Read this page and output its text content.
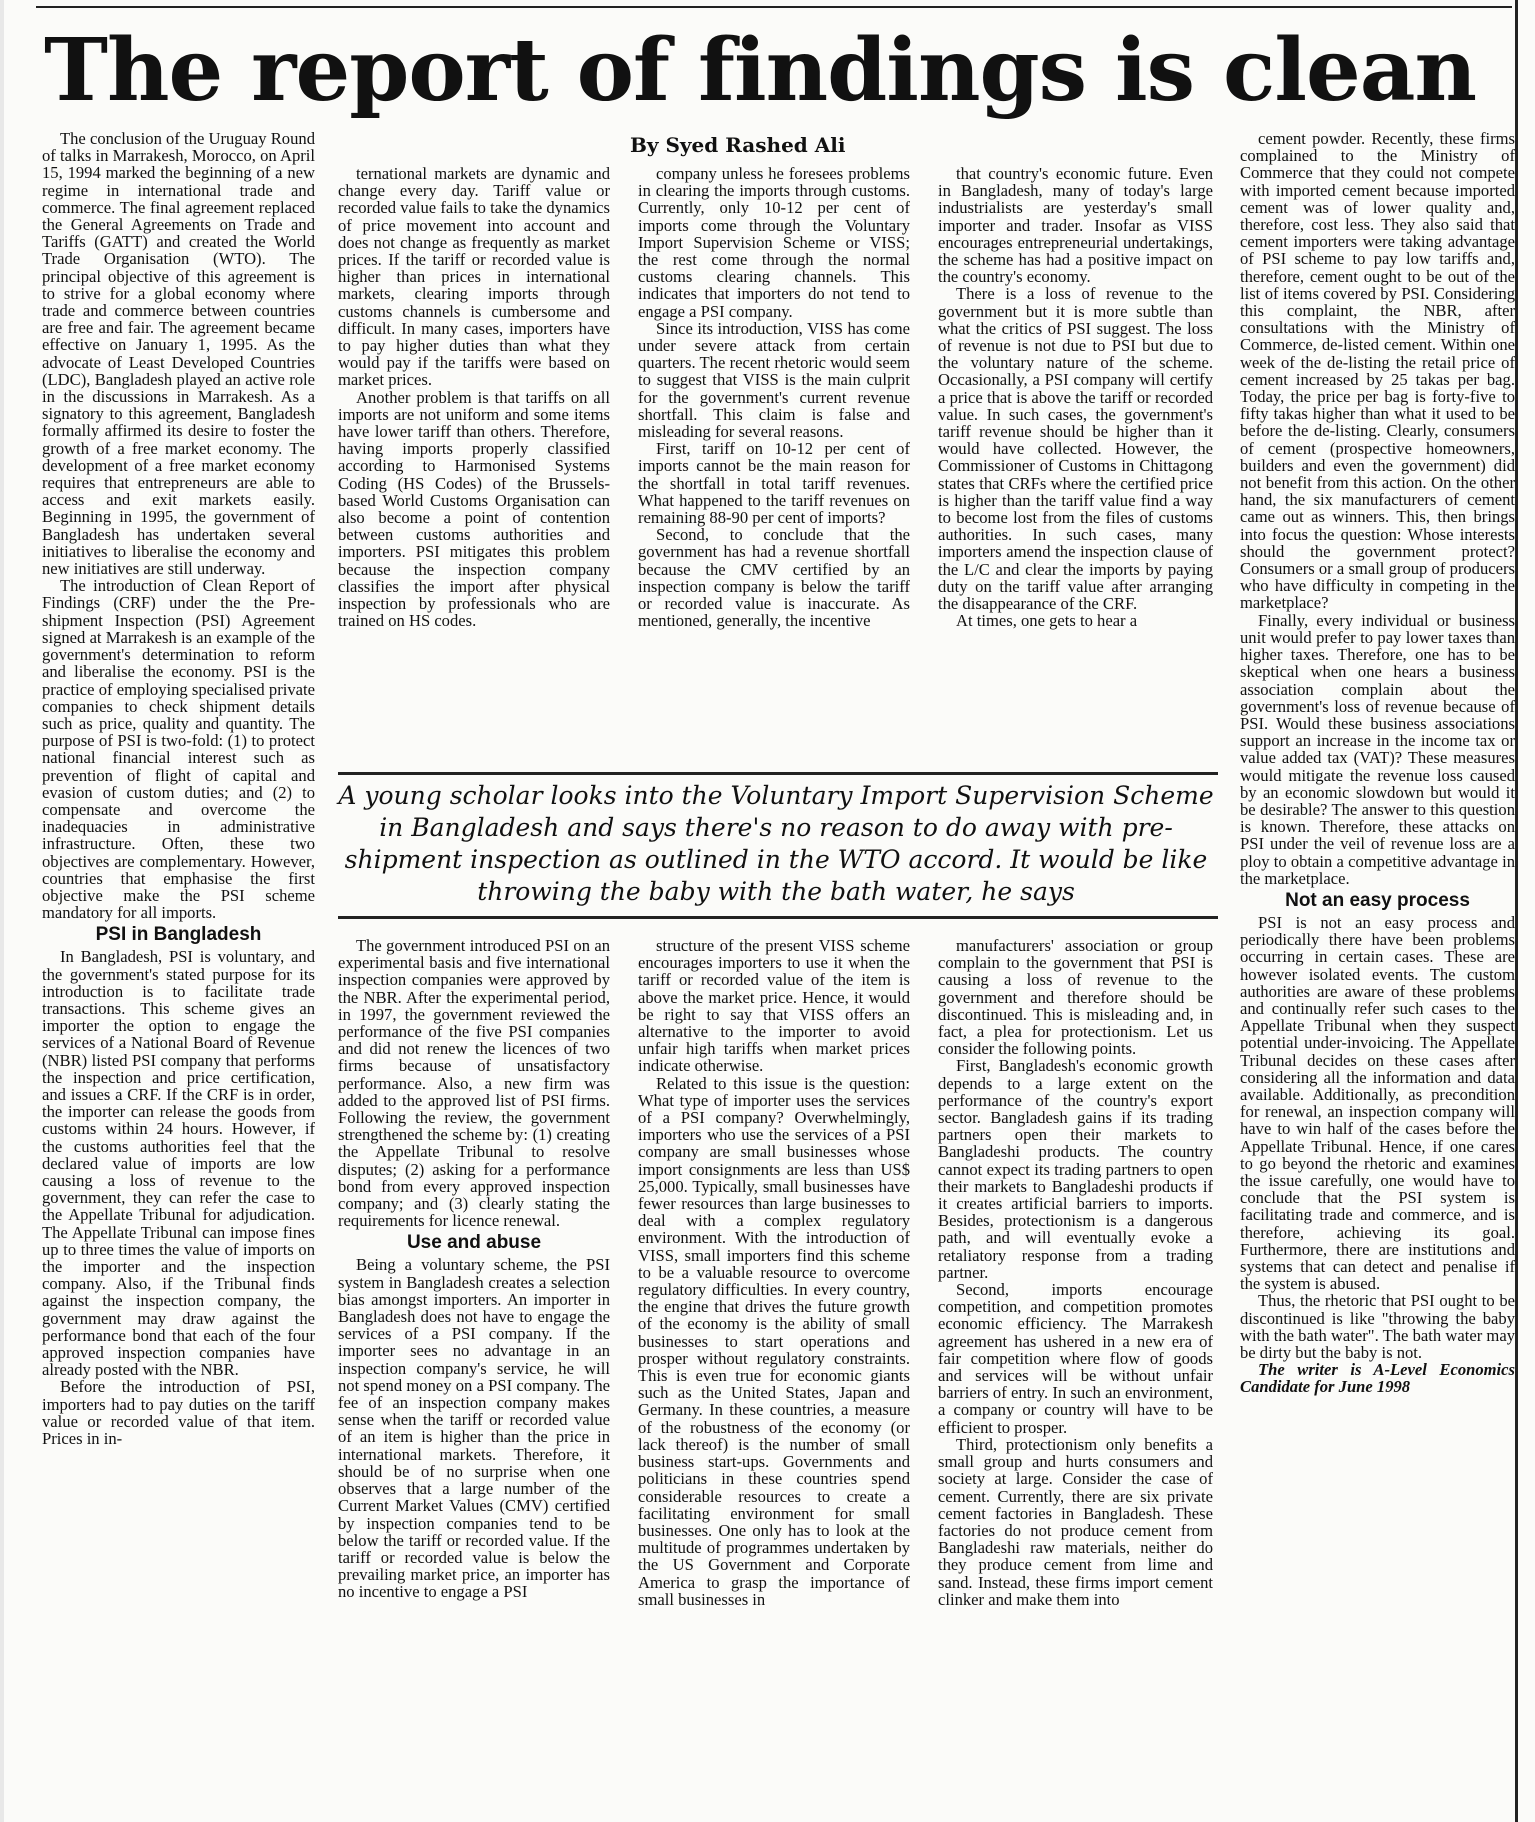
The report of findings is clean
By Syed Rashed Ali

The conclusion of the Uruguay Round of talks in Marrakesh, Morocco, on April 15, 1994 marked the beginning of a new regime in international trade and commerce. The final agreement replaced the General Agreements on Trade and Tariffs (GATT) and created the World Trade Organisation (WTO). The principal objective of this agreement is to strive for a global economy where trade and commerce between countries are free and fair. The agreement became effective on January 1, 1995. As the advocate of Least Developed Countries (LDC), Bangladesh played an active role in the discussions in Marrakesh. As a signatory to this agreement, Bangladesh formally affirmed its desire to foster the growth of a free market economy. The development of a free market economy requires that entrepreneurs are able to access and exit markets easily. Beginning in 1995, the government of Bangladesh has undertaken several initiatives to liberalise the economy and new initiatives are still underway.

The introduction of Clean Report of Findings (CRF) under the the Pre-shipment Inspection (PSI) Agreement signed at Marrakesh is an example of the government's determination to reform and liberalise the economy. PSI is the practice of employing specialised private companies to check shipment details such as price, quality and quantity. The purpose of PSI is two-fold: (1) to protect national financial interest such as prevention of flight of capital and evasion of custom duties; and (2) to compensate and overcome the inadequacies in administrative infrastructure. Often, these two objectives are complementary. However, countries that emphasise the first objective make the PSI scheme mandatory for all imports.

PSI in Bangladesh

In Bangladesh, PSI is voluntary, and the government's stated purpose for its introduction is to facilitate trade transactions. This scheme gives an importer the option to engage the services of a National Board of Revenue (NBR) listed PSI company that performs the inspection and price certification, and issues a CRF. If the CRF is in order, the importer can release the goods from customs within 24 hours. However, if the customs authorities feel that the declared value of imports are low causing a loss of revenue to the government, they can refer the case to the Appellate Tribunal for adjudication. The Appellate Tribunal can impose fines up to three times the value of imports on the importer and the inspection company. Also, if the Tribunal finds against the inspection company, the government may draw against the performance bond that each of the four approved inspection companies have already posted with the NBR.

Before the introduction of PSI, importers had to pay duties on the tariff value or recorded value of that item. Prices in in-

ternational markets are dynamic and change every day. Tariff value or recorded value fails to take the dynamics of price movement into account and does not change as frequently as market prices. If the tariff or recorded value is higher than prices in international markets, clearing imports through customs channels is cumbersome and difficult. In many cases, importers have to pay higher duties than what they would pay if the tariffs were based on market prices.

Another problem is that tariffs on all imports are not uniform and some items have lower tariff than others. Therefore, having imports properly classified according to Harmonised Systems Coding (HS Codes) of the Brussels-based World Customs Organisation can also become a point of contention between customs authorities and importers. PSI mitigates this problem because the inspection company classifies the import after physical inspection by professionals who are trained on HS codes.

company unless he foresees problems in clearing the imports through customs. Currently, only 10-12 per cent of imports come through the Voluntary Import Supervision Scheme or VISS; the rest come through the normal customs clearing channels. This indicates that importers do not tend to engage a PSI company.

Since its introduction, VISS has come under severe attack from certain quarters. The recent rhetoric would seem to suggest that VISS is the main culprit for the government's current revenue shortfall. This claim is false and misleading for several reasons.

First, tariff on 10-12 per cent of imports cannot be the main reason for the shortfall in total tariff revenues. What happened to the tariff revenues on remaining 88-90 per cent of imports?

Second, to conclude that the government has had a revenue shortfall because the CMV certified by an inspection company is below the tariff or recorded value is inaccurate. As mentioned, generally, the incentive

that country's economic future. Even in Bangladesh, many of today's large industrialists are yesterday's small importer and trader. Insofar as VISS encourages entrepreneurial undertakings, the scheme has had a positive impact on the country's economy.

There is a loss of revenue to the government but it is more subtle than what the critics of PSI suggest. The loss of revenue is not due to PSI but due to the voluntary nature of the scheme. Occasionally, a PSI company will certify a price that is above the tariff or recorded value. In such cases, the government's tariff revenue should be higher than it would have collected. However, the Commissioner of Customs in Chittagong states that CRFs where the certified price is higher than the tariff value find a way to become lost from the files of customs authorities. In such cases, many importers amend the inspection clause of the L/C and clear the imports by paying duty on the tariff value after arranging the disappearance of the CRF.

At times, one gets to hear a

cement powder. Recently, these firms complained to the Ministry of Commerce that they could not compete with imported cement because imported cement was of lower quality and, therefore, cost less. They also said that cement importers were taking advantage of PSI scheme to pay low tariffs and, therefore, cement ought to be out of the list of items covered by PSI. Considering this complaint, the NBR, after consultations with the Ministry of Commerce, de-listed cement. Within one week of the de-listing the retail price of cement increased by 25 takas per bag. Today, the price per bag is forty-five to fifty takas higher than what it used to be before the de-listing. Clearly, consumers of cement (prospective homeowners, builders and even the government) did not benefit from this action. On the other hand, the six manufacturers of cement came out as winners. This, then brings into focus the question: Whose interests should the government protect? Consumers or a small group of producers who have difficulty in competing in the marketplace?

Finally, every individual or business unit would prefer to pay lower taxes than higher taxes. Therefore, one has to be skeptical when one hears a business association complain about the government's loss of revenue because of PSI. Would these business associations support an increase in the income tax or value added tax (VAT)? These measures would mitigate the revenue loss caused by an economic slowdown but would it be desirable? The answer to this question is known. Therefore, these attacks on PSI under the veil of revenue loss are a ploy to obtain a competitive advantage in the marketplace.

Not an easy process

PSI is not an easy process and periodically there have been problems occurring in certain cases. These are however isolated events. The custom authorities are aware of these problems and continually refer such cases to the Appellate Tribunal when they suspect potential under-invoicing. The Appellate Tribunal decides on these cases after considering all the information and data available. Additionally, as precondition for renewal, an inspection company will have to win half of the cases before the Appellate Tribunal. Hence, if one cares to go beyond the rhetoric and examines the issue carefully, one would have to conclude that the PSI system is facilitating trade and commerce, and is therefore, achieving its goal. Furthermore, there are institutions and systems that can detect and penalise if the system is abused.

Thus, the rhetoric that PSI ought to be discontinued is like "throwing the baby with the bath water". The bath water may be dirty but the baby is not.

The writer is A-Level Economics Candidate for June 1998

A young scholar looks into the Voluntary Import Supervision Scheme in Bangladesh and says there's no reason to do away with pre-shipment inspection as outlined in the WTO accord. It would be like throwing the baby with the bath water, he says

The government introduced PSI on an experimental basis and five international inspection companies were approved by the NBR. After the experimental period, in 1997, the government reviewed the performance of the five PSI companies and did not renew the licences of two firms because of unsatisfactory performance. Also, a new firm was added to the approved list of PSI firms. Following the review, the government strengthened the scheme by: (1) creating the Appellate Tribunal to resolve disputes; (2) asking for a performance bond from every approved inspection company; and (3) clearly stating the requirements for licence renewal.

Use and abuse

Being a voluntary scheme, the PSI system in Bangladesh creates a selection bias amongst importers. An importer in Bangladesh does not have to engage the services of a PSI company. If the importer sees no advantage in an inspection company's service, he will not spend money on a PSI company. The fee of an inspection company makes sense when the tariff or recorded value of an item is higher than the price in international markets. Therefore, it should be of no surprise when one observes that a large number of the Current Market Values (CMV) certified by inspection companies tend to be below the tariff or recorded value. If the tariff or recorded value is below the prevailing market price, an importer has no incentive to engage a PSI

structure of the present VISS scheme encourages importers to use it when the tariff or recorded value of the item is above the market price. Hence, it would be right to say that VISS offers an alternative to the importer to avoid unfair high tariffs when market prices indicate otherwise.

Related to this issue is the question: What type of importer uses the services of a PSI company? Overwhelmingly, importers who use the services of a PSI company are small businesses whose import consignments are less than US$ 25,000. Typically, small businesses have fewer resources than large businesses to deal with a complex regulatory environment. With the introduction of VISS, small importers find this scheme to be a valuable resource to overcome regulatory difficulties. In every country, the engine that drives the future growth of the economy is the ability of small businesses to start operations and prosper without regulatory constraints. This is even true for economic giants such as the United States, Japan and Germany. In these countries, a measure of the robustness of the economy (or lack thereof) is the number of small business start-ups. Governments and politicians in these countries spend considerable resources to create a facilitating environment for small businesses. One only has to look at the multitude of programmes undertaken by the US Government and Corporate America to grasp the importance of small businesses in

manufacturers' association or group complain to the government that PSI is causing a loss of revenue to the government and therefore should be discontinued. This is misleading and, in fact, a plea for protectionism. Let us consider the following points.

First, Bangladesh's economic growth depends to a large extent on the performance of the country's export sector. Bangladesh gains if its trading partners open their markets to Bangladeshi products. The country cannot expect its trading partners to open their markets to Bangladeshi products if it creates artificial barriers to imports. Besides, protectionism is a dangerous path, and will eventually evoke a retaliatory response from a trading partner.

Second, imports encourage competition, and competition promotes economic efficiency. The Marrakesh agreement has ushered in a new era of fair competition where flow of goods and services will be without unfair barriers of entry. In such an environment, a company or country will have to be efficient to prosper.

Third, protectionism only benefits a small group and hurts consumers and society at large. Consider the case of cement. Currently, there are six private cement factories in Bangladesh. These factories do not produce cement from Bangladeshi raw materials, neither do they produce cement from lime and sand. Instead, these firms import cement clinker and make them into
